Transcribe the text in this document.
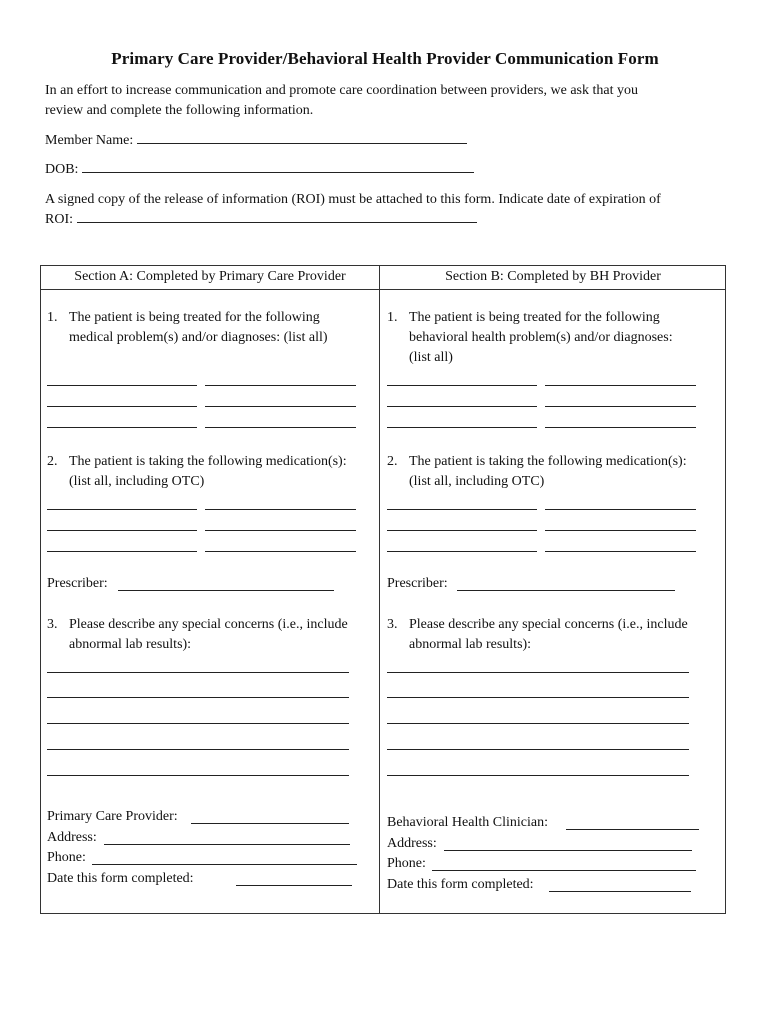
Primary Care Provider/Behavioral Health Provider Communication Form
In an effort to increase communication and promote care coordination between providers, we ask that you
review and complete the following information.
Member Name:
DOB:
A signed copy of the release of information (ROI) must be attached to this form. Indicate date of expiration of
ROI:
Section A: Completed by Primary Care Provider	Section B: Completed by BH Provider
1. The patient is being treated for the following
medical problem(s) and/or diagnoses: (list all)
2. The patient is taking the following medication(s):
(list all, including OTC)
Prescriber:
3. Please describe any special concerns (i.e., include
abnormal lab results):
Primary Care Provider:
Address:
Phone:
Date this form completed:
1. The patient is being treated for the following
behavioral health problem(s) and/or diagnoses:
(list all)
2. The patient is taking the following medication(s):
(list all, including OTC)
Prescriber:
3. Please describe any special concerns (i.e., include
abnormal lab results):
Behavioral Health Clinician:
Address:
Phone:
Date this form completed:
